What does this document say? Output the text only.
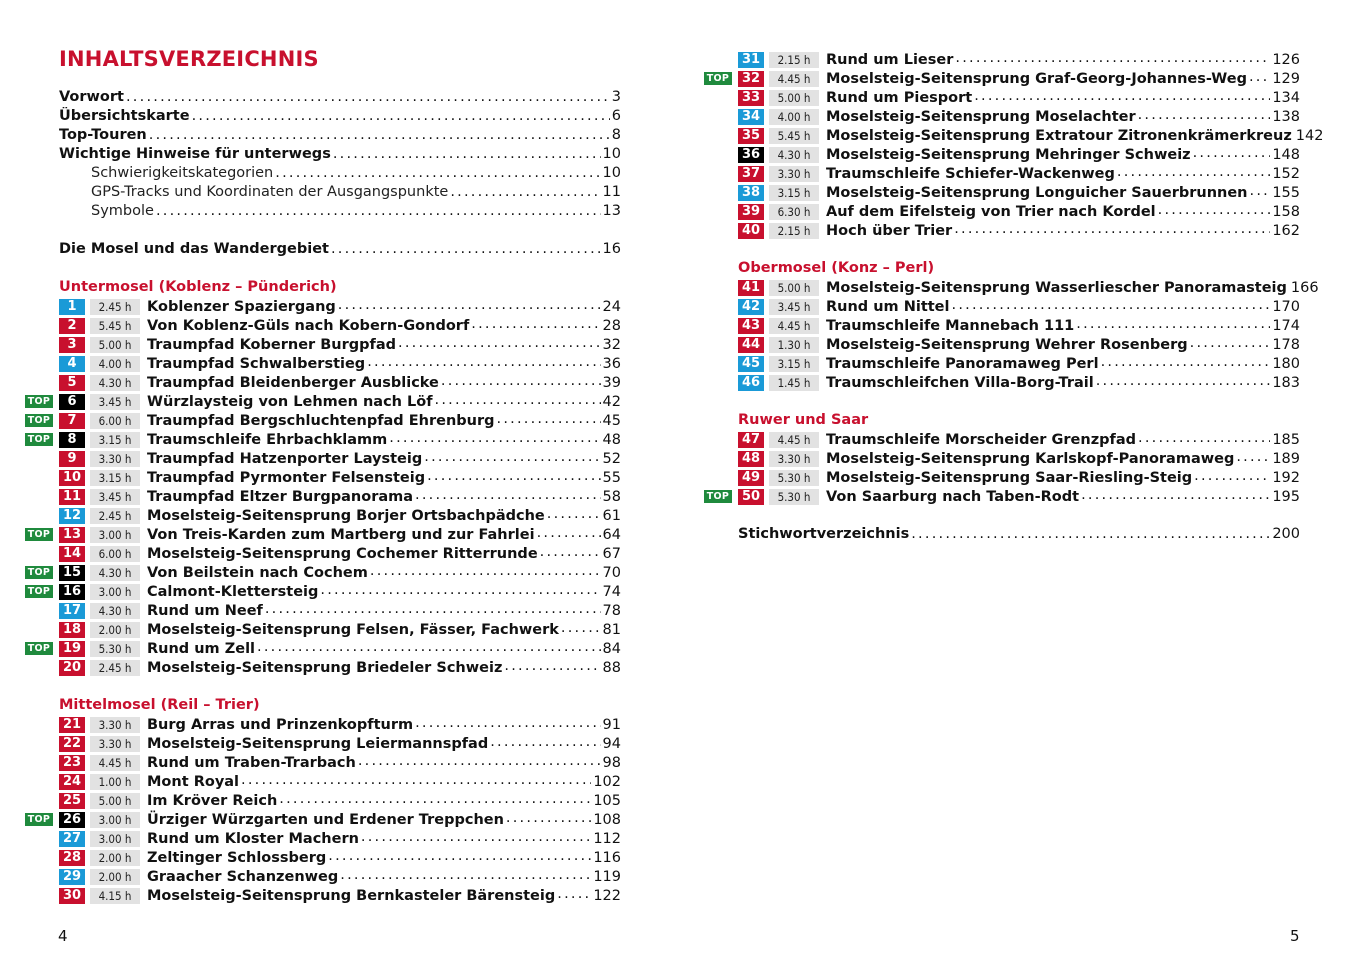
INHALTSVERZEICHNIS
Vorwort . . .	3
Übersichtskarte . . .	6
Top-Touren . . .	8
Wichtige Hinweise für unterwegs . . .	10
Schwierigkeitskategorien . . .	10
GPS-Tracks und Koordinaten der Ausgangspunkte . . .	11
Symbole . . .	13
Die Mosel und das Wandergebiet . . .	16
Untermosel (Koblenz – Pünderich)
1	2.45 h	Koblenzer Spaziergang . . .	24
2	5.45 h	Von Koblenz-Güls nach Kobern-Gondorf . . .	28
3	5.00 h	Traumpfad Koberner Burgpfad . . .	32
4	4.00 h	Traumpfad Schwalberstieg . . .	36
5	4.30 h	Traumpfad Bleidenberger Ausblicke . . .	39
TOP	6	3.45 h	Würzlaysteig von Lehmen nach Löf . . .	42
TOP	7	6.00 h	Traumpfad Bergschluchtenpfad Ehrenburg . . .	45
TOP	8	3.15 h	Traumschleife Ehrbachklamm . . .	48
9	3.30 h	Traumpfad Hatzenporter Laysteig . . .	52
10	3.15 h	Traumpfad Pyrmonter Felsensteig . . .	55
11	3.45 h	Traumpfad Eltzer Burgpanorama . . .	58
12	2.45 h	Moselsteig-Seitensprung Borjer Ortsbachpädche . . .	61
TOP 13	3.00 h	Von Treis-Karden zum Martberg und zur Fahrlei . . .	64
14	6.00 h	Moselsteig-Seitensprung Cochemer Ritterrunde . . .	67
TOP 15	4.30 h	Von Beilstein nach Cochem . . .	70
TOP 16	3.00 h	Calmont-Klettersteig . . .	74
17	4.30 h	Rund um Neef . . .	78
18	2.00 h	Moselsteig-Seitensprung Felsen, Fässer, Fachwerk . . .	81
TOP 19	5.30 h	Rund um Zell . . .	84
20	2.45 h	Moselsteig-Seitensprung Briedeler Schweiz . . .	88
Mittelmosel (Reil – Trier)
21	3.30 h	Burg Arras und Prinzenkopfturm . . .	91
22	3.30 h	Moselsteig-Seitensprung Leiermannspfad . . .	94
23	4.45 h	Rund um Traben-Trarbach . . .	98
24	1.00 h	Mont Royal . . .	102
25	5.00 h	Im Kröver Reich . . .	105
TOP 26	3.00 h	Ürziger Würzgarten und Erdener Treppchen . . .	108
27	3.00 h	Rund um Kloster Machern . . .	112
28	2.00 h	Zeltinger Schlossberg . . .	116
29	2.00 h	Graacher Schanzenweg . . .	119
30	4.15 h	Moselsteig-Seitensprung Bernkasteler Bärensteig . . .	122
4
31	2.15 h	Rund um Lieser . . .	126
TOP 32	4.45 h	Moselsteig-Seitensprung Graf-Georg-Johannes-Weg . . . 129
33	5.00 h	Rund um Piesport . . .	134
34	4.00 h	Moselsteig-Seitensprung Moselachter . . .	138
35	5.45 h	Moselsteig-Seitensprung Extratour Zitronenkrämerkreuz 142
36	4.30 h	Moselsteig-Seitensprung Mehringer Schweiz . . .	148
37	3.30 h	Traumschleife Schiefer-Wackenweg . . .	152
38	3.15 h	Moselsteig-Seitensprung Longuicher Sauerbrunnen . . . 155
39	6.30 h	Auf dem Eifelsteig von Trier nach Kordel . . .	158
40	2.15 h	Hoch über Trier . . .	162
Obermosel (Konz – Perl)
41	5.00 h	Moselsteig-Seitensprung Wasserliescher Panoramasteig 166
42	3.45 h	Rund um Nittel . . .	170
43	4.45 h	Traumschleife Mannebach 111 . . .	174
44	1.30 h	Moselsteig-Seitensprung Wehrer Rosenberg . . .	178
45	3.15 h	Traumschleife Panoramaweg Perl . . .	180
46	1.45 h	Traumschleifchen Villa-Borg-Trail . . .	183
Ruwer und Saar
47	4.45 h	Traumschleife Morscheider Grenzpfad . . .	185
48	3.30 h	Moselsteig-Seitensprung Karlskopf-Panoramaweg . . .	189
49	5.30 h	Moselsteig-Seitensprung Saar-Riesling-Steig . . .	192
TOP 50	5.30 h	Von Saarburg nach Taben-Rodt . . .	195
Stichwortverzeichnis . . .	200
5
